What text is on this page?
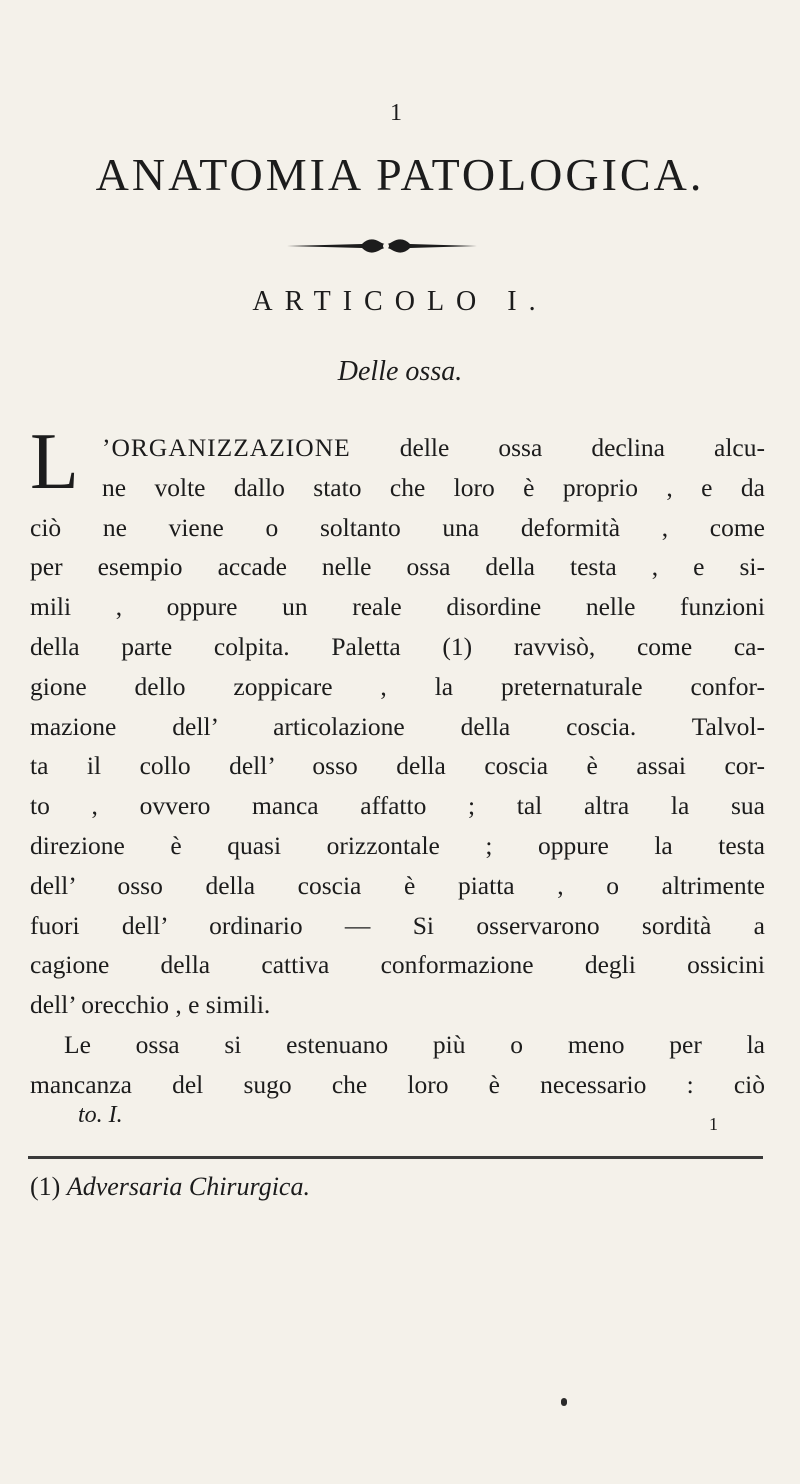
1
ANATOMIA PATOLOGICA.
ARTICOLO I.
Delle ossa.
L ’ORGANIZZAZIONE delle ossa declina alcu-
ne volte dallo stato che loro è proprio , e da
ciò ne viene o soltanto una deformità , come
per esempio accade nelle ossa della testa , e si-
mili , oppure un reale disordine nelle funzioni
della parte colpita. Paletta (1) ravvisò, come ca-
gione dello zoppicare , la preternaturale confor-
mazione dell’ articolazione della coscia. Talvol-
ta il collo dell’ osso della coscia è assai cor-
to , ovvero manca affatto ; tal altra la sua
direzione è quasi orizzontale ; oppure la testa
dell’ osso della coscia è piatta , o altrimente
fuori dell’ ordinario — Si osservarono sordità a
cagione della cattiva conformazione degli ossicini
dell’ orecchio , e simili.
Le ossa si estenuano più o meno per la
mancanza del sugo che loro è necessario : ciò
to. I.	1
(1) Adversaria Chirurgica.
